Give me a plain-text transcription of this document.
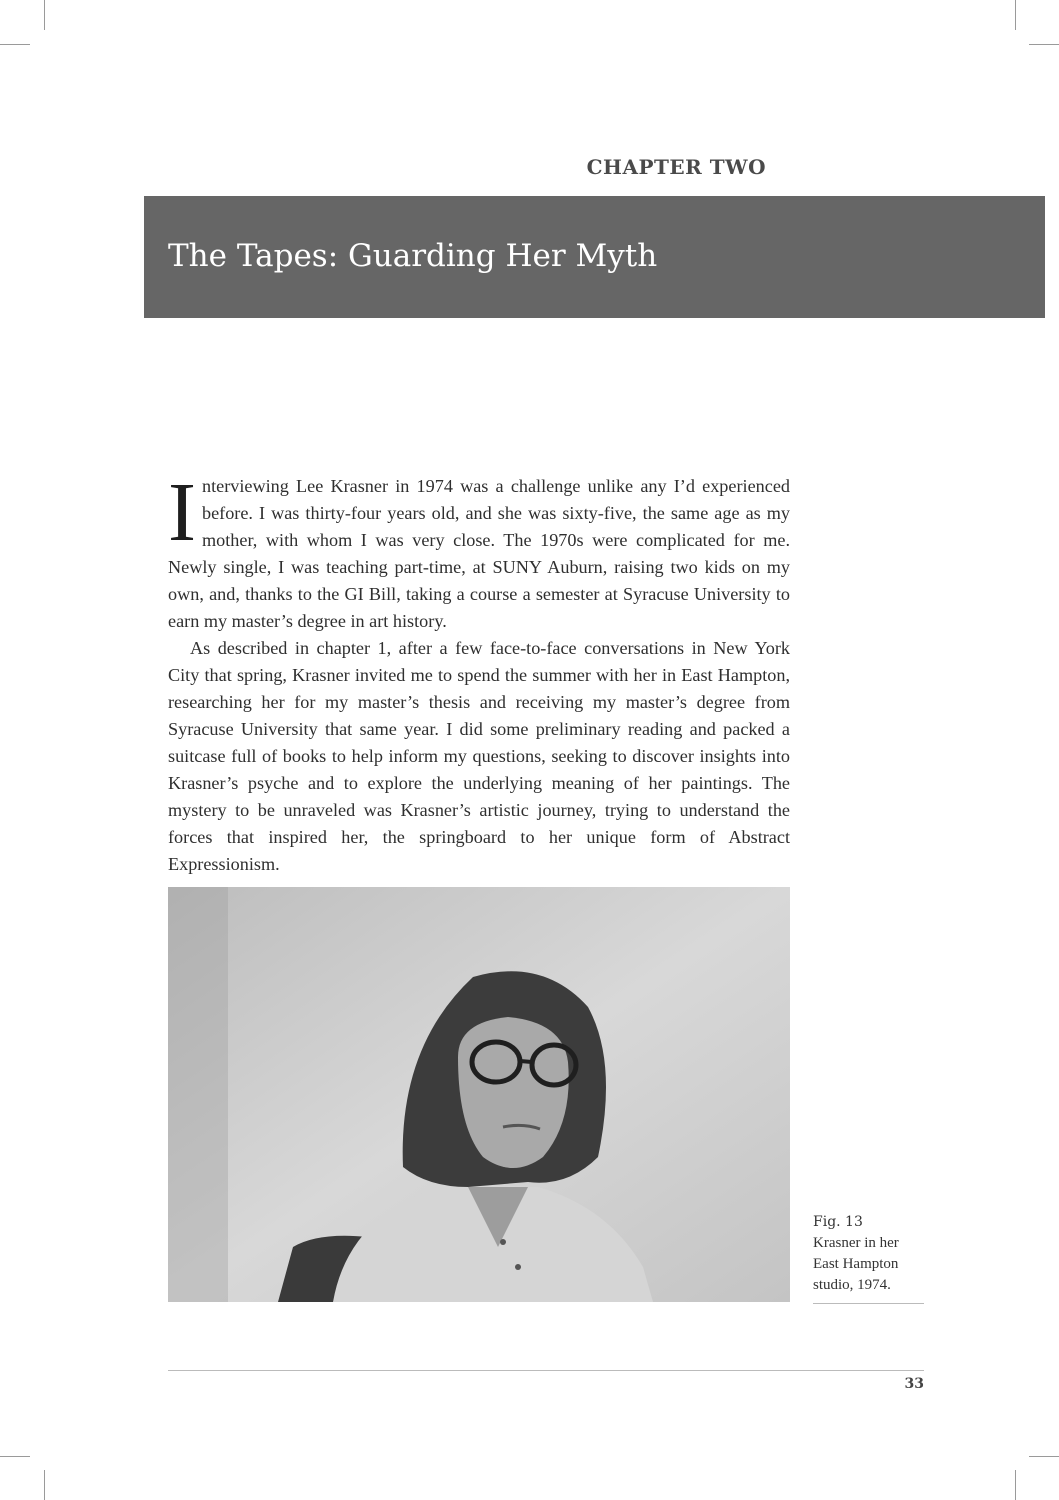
CHAPTER TWO
The Tapes: Guarding Her Myth

Interviewing Lee Krasner in 1974 was a challenge unlike any I’d experienced before. I was thirty-four years old, and she was sixty-five, the same age as my mother, with whom I was very close. The 1970s were complicated for me. Newly single, I was teaching part-time, at SUNY Auburn, raising two kids on my own, and, thanks to the GI Bill, taking a course a semester at Syracuse University to earn my master’s degree in art history.

As described in chapter 1, after a few face-to-face conversations in New York City that spring, Krasner invited me to spend the summer with her in East Hampton, researching her for my master’s thesis and receiving my master’s degree from Syracuse University that same year. I did some preliminary reading and packed a suitcase full of books to help inform my questions, seeking to discover insights into Krasner’s psyche and to explore the underlying meaning of her paintings. The mystery to be unraveled was Krasner’s artistic journey, trying to understand the forces that inspired her, the springboard to her unique form of Abstract Expressionism.

Fig. 13
Krasner in her East Hampton studio, 1974.
33
